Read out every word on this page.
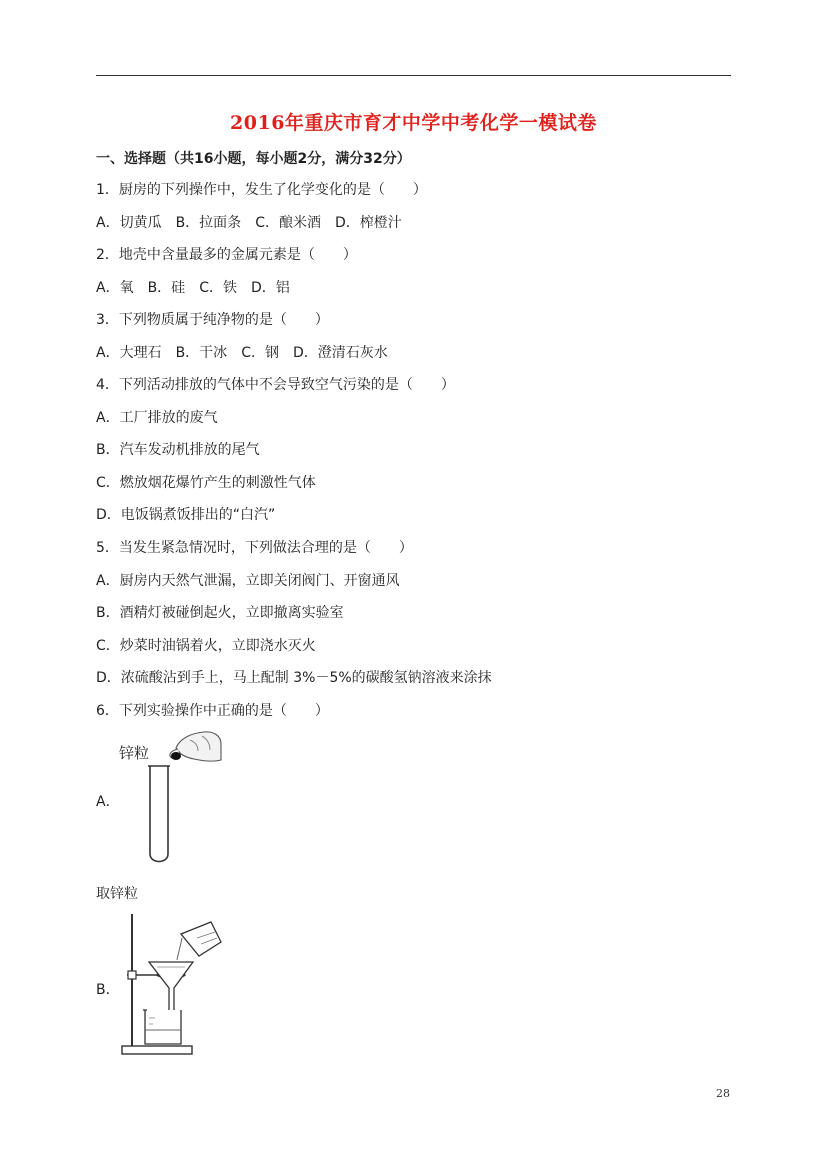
2016年重庆市育才中学中考化学一模试卷
一、选择题（共16小题，每小题2分，满分32分）
1．厨房的下列操作中，发生了化学变化的是（　　）
A．切黄瓜 B．拉面条 C．酿米酒 D．榨橙汁
2．地壳中含量最多的金属元素是（　　）
A．氧 B．硅 C．铁 D．铝
3．下列物质属于纯净物的是（　　）
A．大理石 B．干冰 C．钢 D．澄清石灰水
4．下列活动排放的气体中不会导致空气污染的是（　　）
A．工厂排放的废气
B．汽车发动机排放的尾气
C．燃放烟花爆竹产生的刺激性气体
D．电饭锅煮饭排出的“白汽”
5．当发生紧急情况时，下列做法合理的是（　　）
A．厨房内天然气泄漏，立即关闭阀门、开窗通风
B．酒精灯被碰倒起火，立即撤离实验室
C．炒菜时油锅着火，立即浇水灭火
D．浓硫酸沾到手上，马上配制 3%－5%的碳酸氢钠溶液来涂抹
6．下列实验操作中正确的是（　　）
A．
锌粒
取锌粒
B．
28
